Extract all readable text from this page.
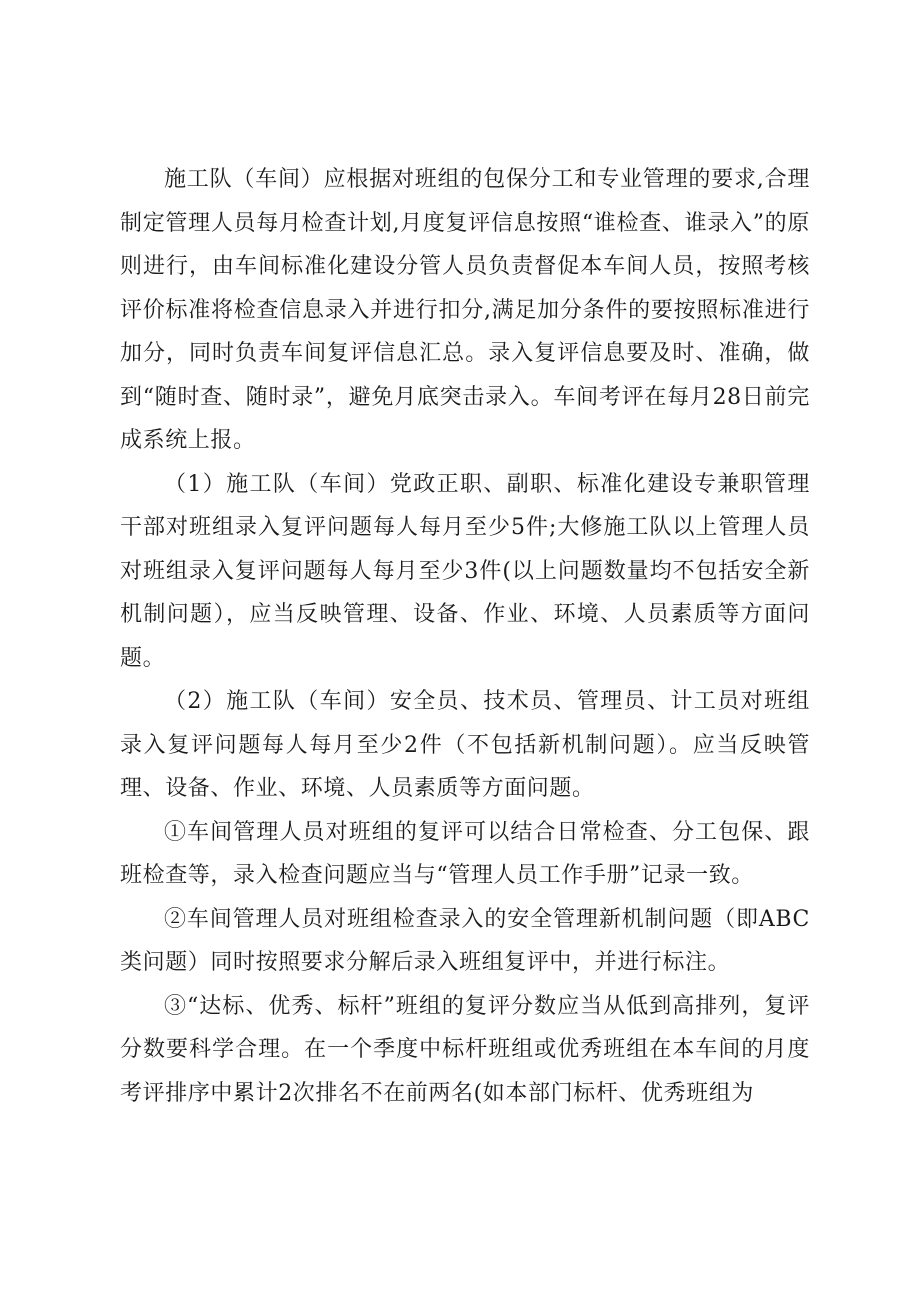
施工队（车间）应根据对班组的包保分工和专业管理的要求,合理制定管理人员每月检查计划,月度复评信息按照“谁检查、谁录入”的原则进行，由车间标准化建设分管人员负责督促本车间人员，按照考核评价标准将检查信息录入并进行扣分,满足加分条件的要按照标准进行加分，同时负责车间复评信息汇总。录入复评信息要及时、准确，做到“随时查、随时录”，避免月底突击录入。车间考评在每月28日前完成系统上报。

（1）施工队（车间）党政正职、副职、标准化建设专兼职管理干部对班组录入复评问题每人每月至少5件;大修施工队以上管理人员对班组录入复评问题每人每月至少3件(以上问题数量均不包括安全新机制问题），应当反映管理、设备、作业、环境、人员素质等方面问题。

（2）施工队（车间）安全员、技术员、管理员、计工员对班组录入复评问题每人每月至少2件（不包括新机制问题）。应当反映管理、设备、作业、环境、人员素质等方面问题。

①车间管理人员对班组的复评可以结合日常检查、分工包保、跟班检查等，录入检查问题应当与“管理人员工作手册”记录一致。

②车间管理人员对班组检查录入的安全管理新机制问题（即ABC类问题）同时按照要求分解后录入班组复评中，并进行标注。

③“达标、优秀、标杆”班组的复评分数应当从低到高排列，复评分数要科学合理。在一个季度中标杆班组或优秀班组在本车间的月度考评排序中累计2次排名不在前两名(如本部门标杆、优秀班组为
